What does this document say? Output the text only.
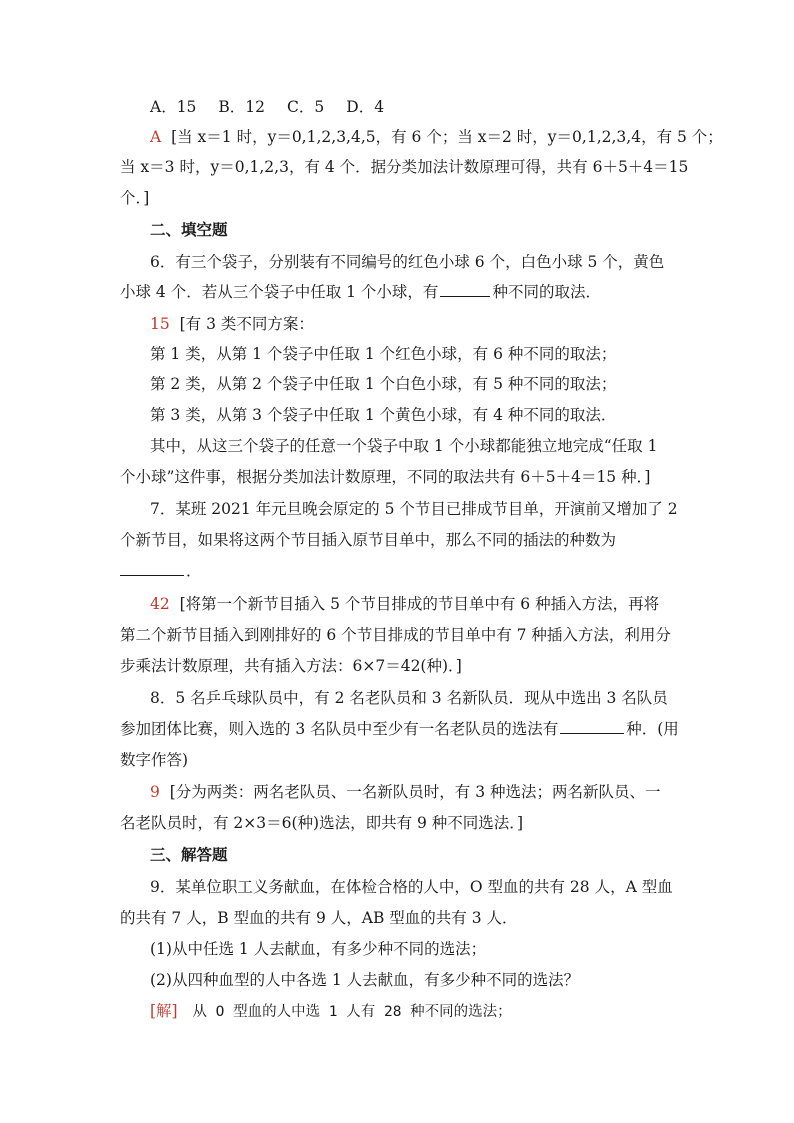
A．15 B．12 C．5 D．4
A [当 x＝1 时，y＝0,1,2,3,4,5，有 6 个；当 x＝2 时，y＝0,1,2,3,4，有 5 个；
当 x＝3 时，y＝0,1,2,3，有 4 个．据分类加法计数原理可得，共有 6＋5＋4＝15
个．]
二、填空题
6．有三个袋子，分别装有不同编号的红色小球 6 个，白色小球 5 个，黄色
小球 4 个．若从三个袋子中任取 1 个小球，有	种不同的取法．
15 [有 3 类不同方案：
第 1 类，从第 1 个袋子中任取 1 个红色小球，有 6 种不同的取法；
第 2 类，从第 2 个袋子中任取 1 个白色小球，有 5 种不同的取法；
第 3 类，从第 3 个袋子中任取 1 个黄色小球，有 4 种不同的取法．
其中，从这三个袋子的任意一个袋子中取 1 个小球都能独立地完成“任取 1
个小球”这件事，根据分类加法计数原理，不同的取法共有 6＋5＋4＝15 种．]
7．某班 2021 年元旦晚会原定的 5 个节目已排成节目单，开演前又增加了 2
个新节目，如果将这两个节目插入原节目单中，那么不同的插法的种数为
．
42 [将第一个新节目插入 5 个节目排成的节目单中有 6 种插入方法，再将
第二个新节目插入到刚排好的 6 个节目排成的节目单中有 7 种插入方法，利用分
步乘法计数原理，共有插入方法：6×7＝42(种)．]
8．5 名乒乓球队员中，有 2 名老队员和 3 名新队员．现从中选出 3 名队员
参加团体比赛，则入选的 3 名队员中至少有一名老队员的选法有	种．(用
数字作答)
9 [分为两类：两名老队员、一名新队员时，有 3 种选法；两名新队员、一
名老队员时，有 2×3＝6(种)选法，即共有 9 种不同选法．]
三、解答题
9．某单位职工义务献血，在体检合格的人中，O 型血的共有 28 人，A 型血
的共有 7 人，B 型血的共有 9 人，AB 型血的共有 3 人．
(1)从中任选 1 人去献血，有多少种不同的选法；
(2)从四种血型的人中各选 1 人去献血，有多少种不同的选法？
[解] 从 O 型血的人中选 1 人有 28 种不同的选法；
